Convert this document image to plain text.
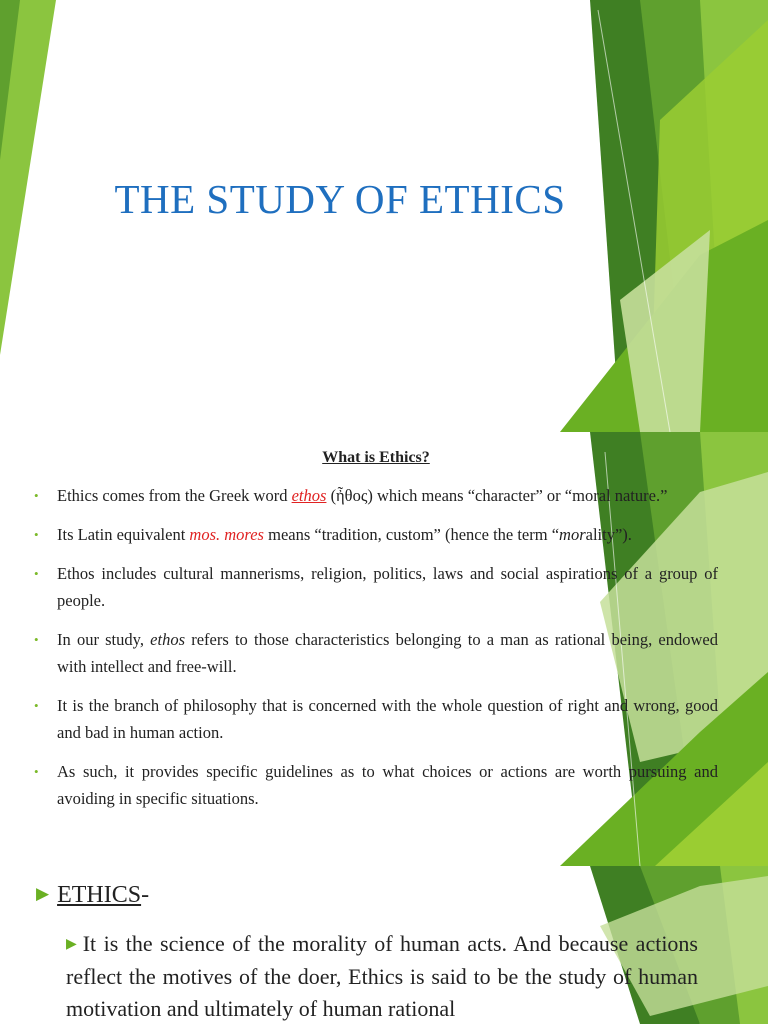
THE STUDY OF ETHICS
What is Ethics?
• Ethics comes from the Greek word ethos (ἦθος) which means “character” or “moral nature.”
• Its Latin equivalent mos. mores means “tradition, custom” (hence the term “morality”).
• Ethos includes cultural mannerisms, religion, politics, laws and social aspirations of a group of people.
• In our study, ethos refers to those characteristics belonging to a man as rational being, endowed with intellect and free-will.
• It is the branch of philosophy that is concerned with the whole question of right and wrong, good and bad in human action.
• As such, it provides specific guidelines as to what choices or actions are worth pursuing and avoiding in specific situations.
▶ ETHICS-
▶ It is the science of the morality of human acts. And because actions reflect the motives of the doer, Ethics is said to be the study of human motivation and ultimately of human rational
